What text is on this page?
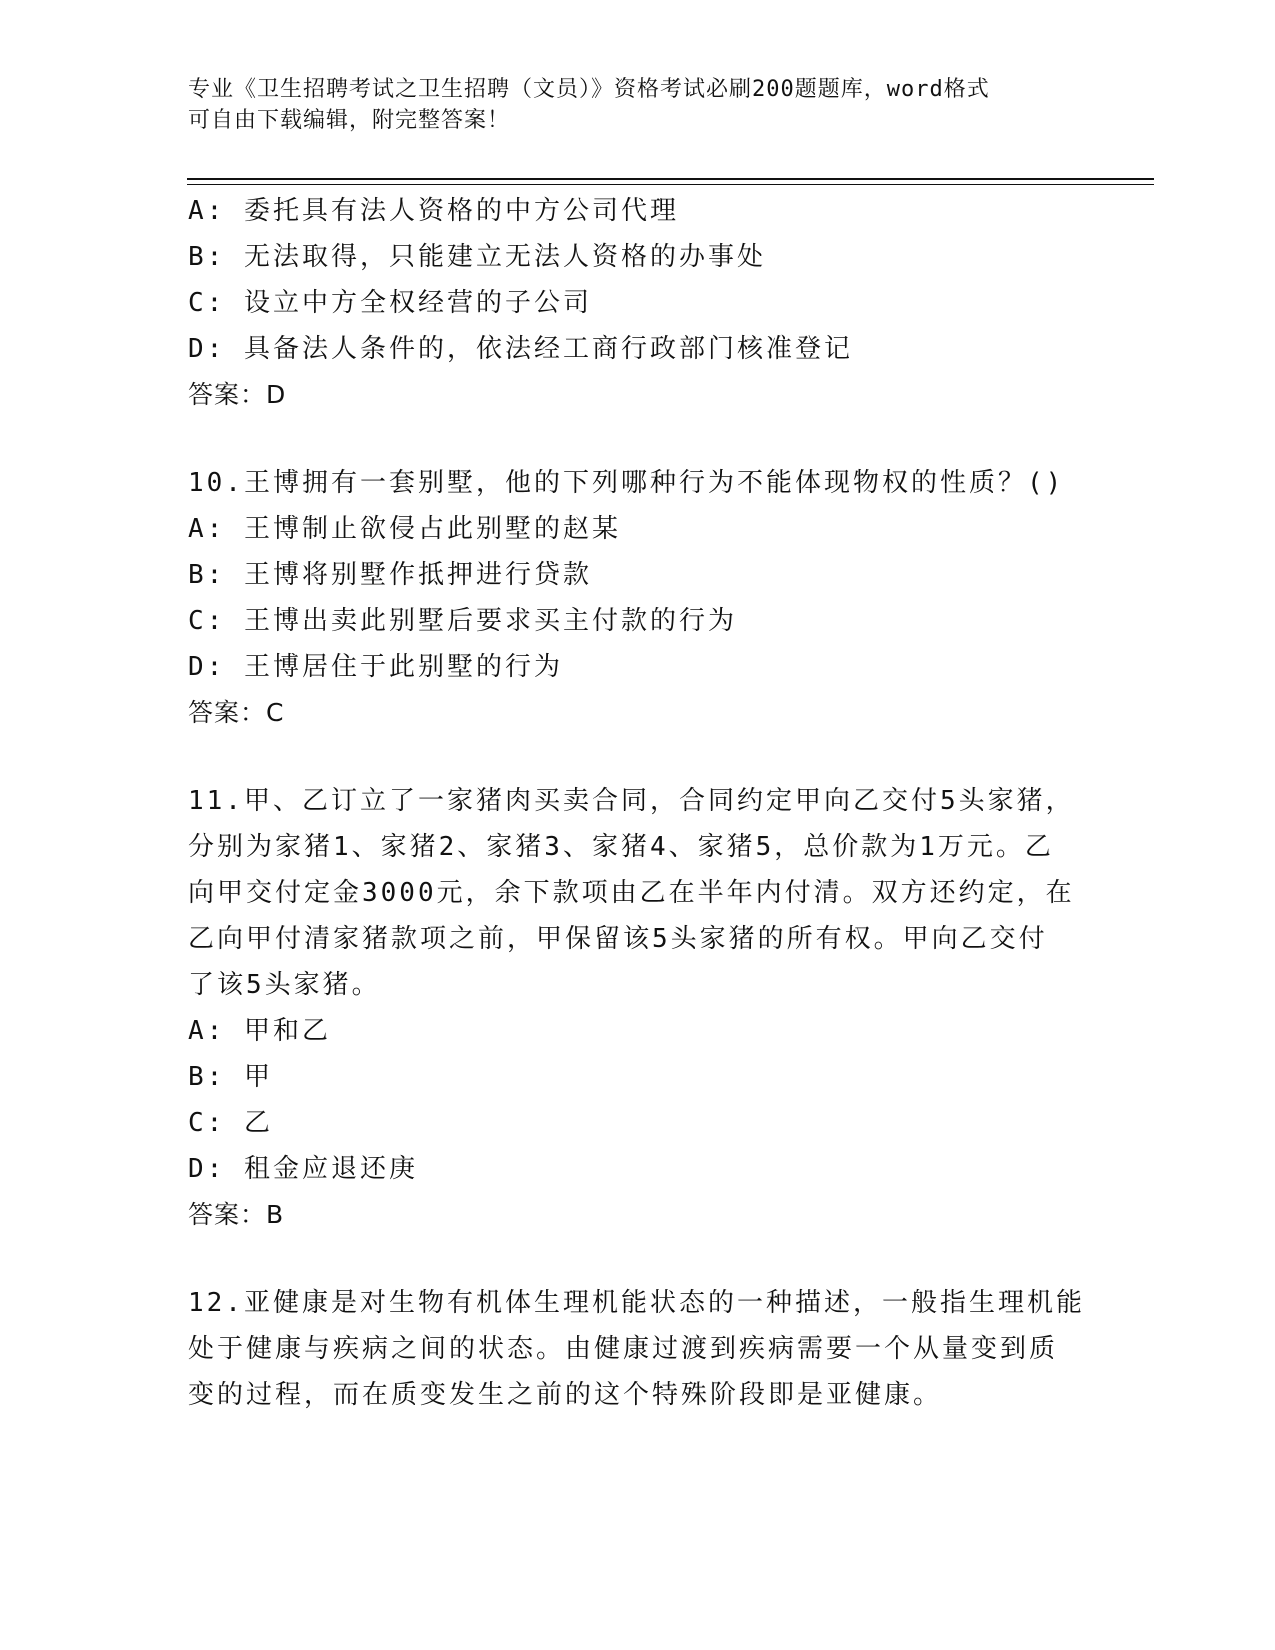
专业《卫生招聘考试之卫生招聘（文员）》资格考试必刷200题题库，word格式
可自由下载编辑，附完整答案！
A: 委托具有法人资格的中方公司代理
B: 无法取得，只能建立无法人资格的办事处
C: 设立中方全权经营的子公司
D: 具备法人条件的，依法经工商行政部门核准登记
答案：D
10.王博拥有一套别墅，他的下列哪种行为不能体现物权的性质？()
A: 王博制止欲侵占此别墅的赵某
B: 王博将别墅作抵押进行贷款
C: 王博出卖此别墅后要求买主付款的行为
D: 王博居住于此别墅的行为
答案：C
11.甲、乙订立了一家猪肉买卖合同，合同约定甲向乙交付5头家猪，
分别为家猪1、家猪2、家猪3、家猪4、家猪5，总价款为1万元。乙
向甲交付定金3000元，余下款项由乙在半年内付清。双方还约定，在
乙向甲付清家猪款项之前，甲保留该5头家猪的所有权。甲向乙交付
了该5头家猪。
A: 甲和乙
B: 甲
C: 乙
D: 租金应退还庚
答案：B
12.亚健康是对生物有机体生理机能状态的一种描述，一般指生理机能
处于健康与疾病之间的状态。由健康过渡到疾病需要一个从量变到质
变的过程，而在质变发生之前的这个特殊阶段即是亚健康。
